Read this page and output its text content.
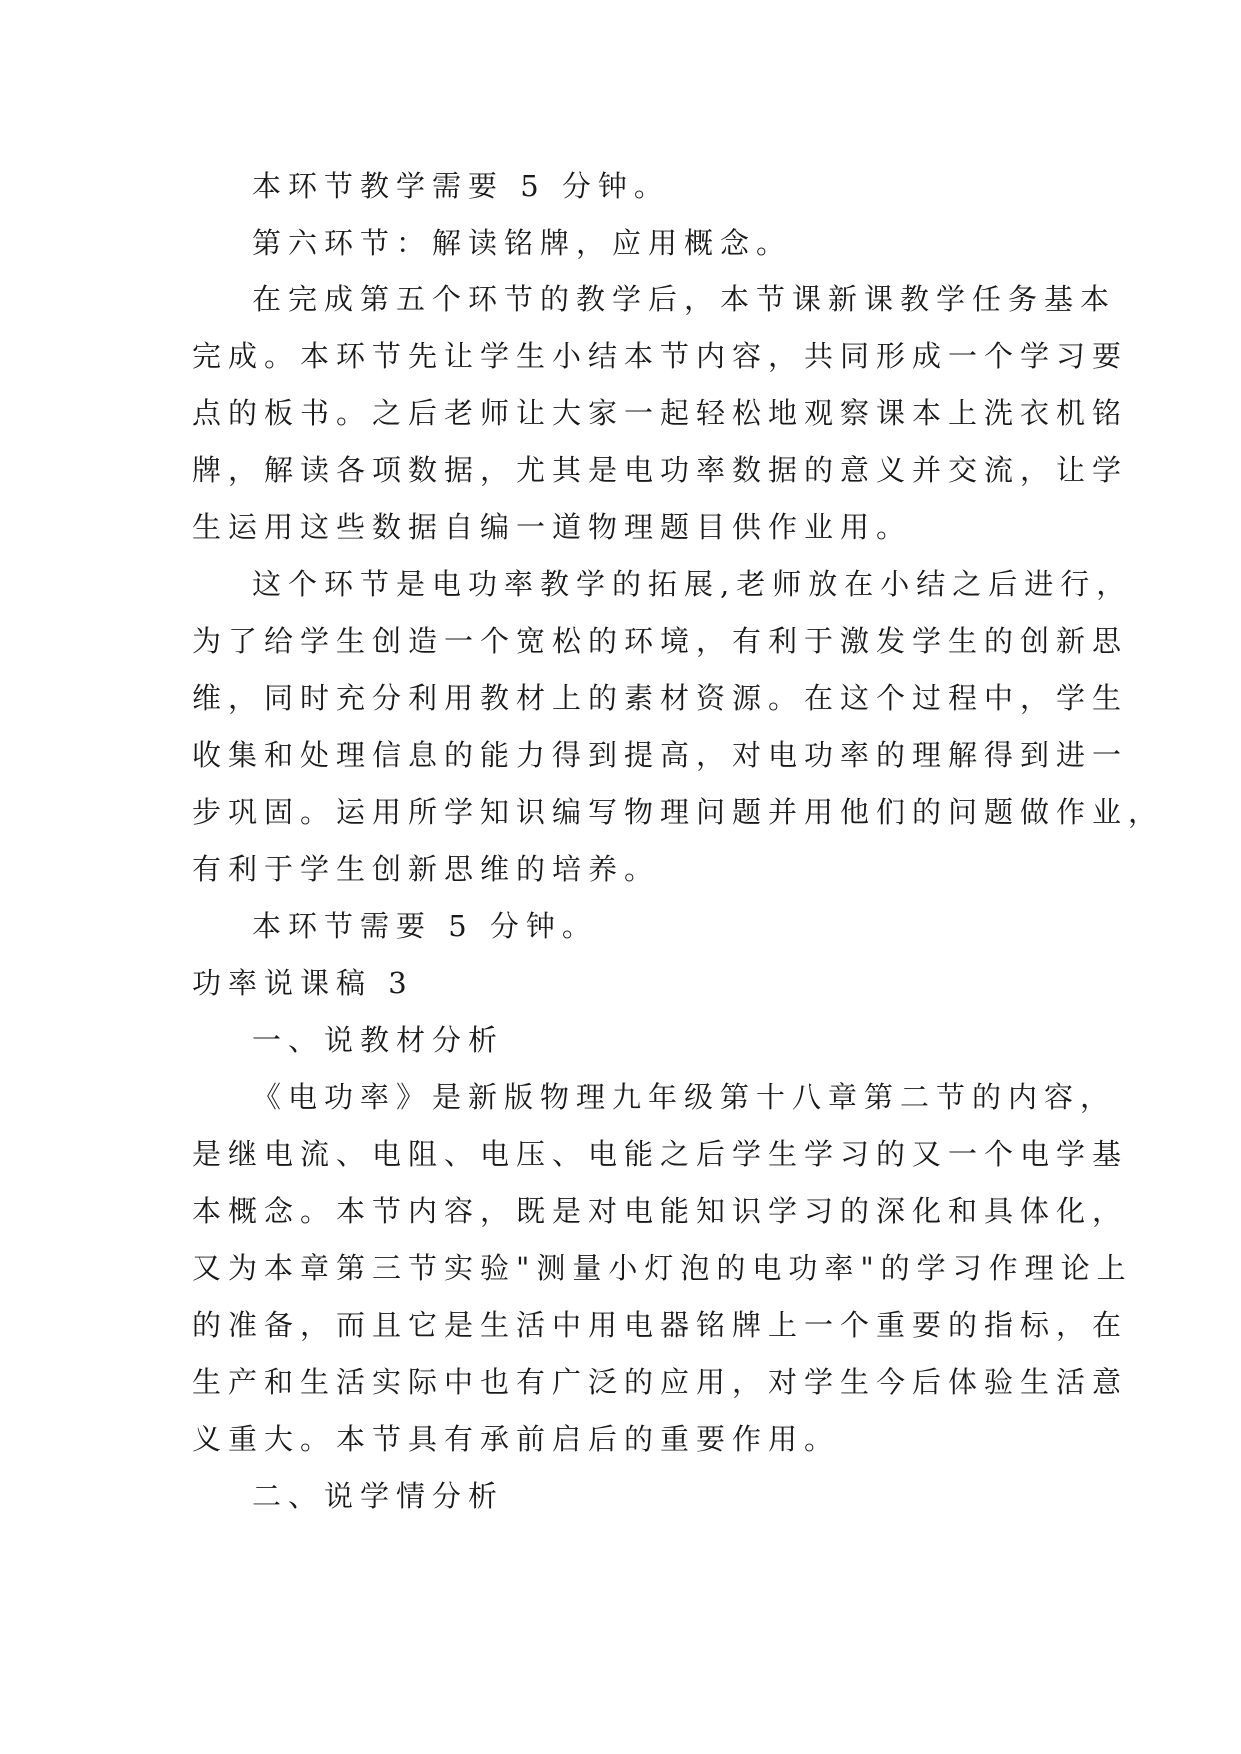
本环节教学需要 5 分钟。
第六环节：解读铭牌，应用概念。
在完成第五个环节的教学后，本节课新课教学任务基本
完成。本环节先让学生小结本节内容，共同形成一个学习要
点的板书。之后老师让大家一起轻松地观察课本上洗衣机铭
牌，解读各项数据，尤其是电功率数据的意义并交流，让学
生运用这些数据自编一道物理题目供作业用。
这个环节是电功率教学的拓展,老师放在小结之后进行，
为了给学生创造一个宽松的环境，有利于激发学生的创新思
维，同时充分利用教材上的素材资源。在这个过程中，学生
收集和处理信息的能力得到提高，对电功率的理解得到进一
步巩固。运用所学知识编写物理问题并用他们的问题做作业，
有利于学生创新思维的培养。
本环节需要 5 分钟。
功率说课稿 3
一、说教材分析
《电功率》是新版物理九年级第十八章第二节的内容，
是继电流、电阻、电压、电能之后学生学习的又一个电学基
本概念。本节内容，既是对电能知识学习的深化和具体化，
又为本章第三节实验"测量小灯泡的电功率"的学习作理论上
的准备，而且它是生活中用电器铭牌上一个重要的指标，在
生产和生活实际中也有广泛的应用，对学生今后体验生活意
义重大。本节具有承前启后的重要作用。
二、说学情分析
